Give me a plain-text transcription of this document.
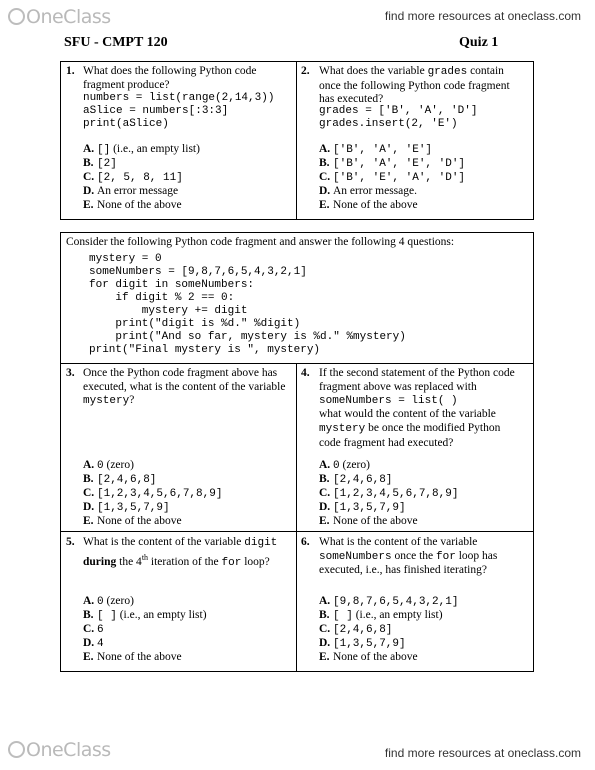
OneClass	find more resources at oneclass.com
SFU - CMPT 120	Quiz 1
1. What does the following Python code fragment produce?
numbers = list(range(2,14,3))
aSlice = numbers[:3:3]
print(aSlice)
A. [] (i.e., an empty list)
B. [2]
C. [2, 5, 8, 11]
D. An error message
E. None of the above
2. What does the variable grades contain once the following Python code fragment has executed?
grades = ['B', 'A', 'D']
grades.insert(2, 'E')
A. ['B', 'A', 'E']
B. ['B', 'A', 'E', 'D']
C. ['B', 'E', 'A', 'D']
D. An error message.
E. None of the above
Consider the following Python code fragment and answer the following 4 questions:
mystery = 0
someNumbers = [9,8,7,6,5,4,3,2,1]
for digit in someNumbers:
if digit % 2 == 0:
mystery += digit
print("digit is %d." %digit)
print("And so far, mystery is %d." %mystery)
print("Final mystery is ", mystery)
3. Once the Python code fragment above has executed, what is the content of the variable mystery?
A. 0 (zero)
B. [2,4,6,8]
C. [1,2,3,4,5,6,7,8,9]
D. [1,3,5,7,9]
E. None of the above
4. If the second statement of the Python code fragment above was replaced with
someNumbers = list( )
what would the content of the variable
mystery be once the modified Python code fragment had executed?
A. 0 (zero)
B. [2,4,6,8]
C. [1,2,3,4,5,6,7,8,9]
D. [1,3,5,7,9]
E. None of the above
5. What is the content of the variable digit during the 4th iteration of the for loop?
A. 0 (zero)
B. [ ] (i.e., an empty list)
C. 6
D. 4
E. None of the above
6. What is the content of the variable someNumbers once the for loop has executed, i.e., has finished iterating?
A. [9,8,7,6,5,4,3,2,1]
B. [ ] (i.e., an empty list)
C. [2,4,6,8]
D. [1,3,5,7,9]
E. None of the above
OneClass	find more resources at oneclass.com
